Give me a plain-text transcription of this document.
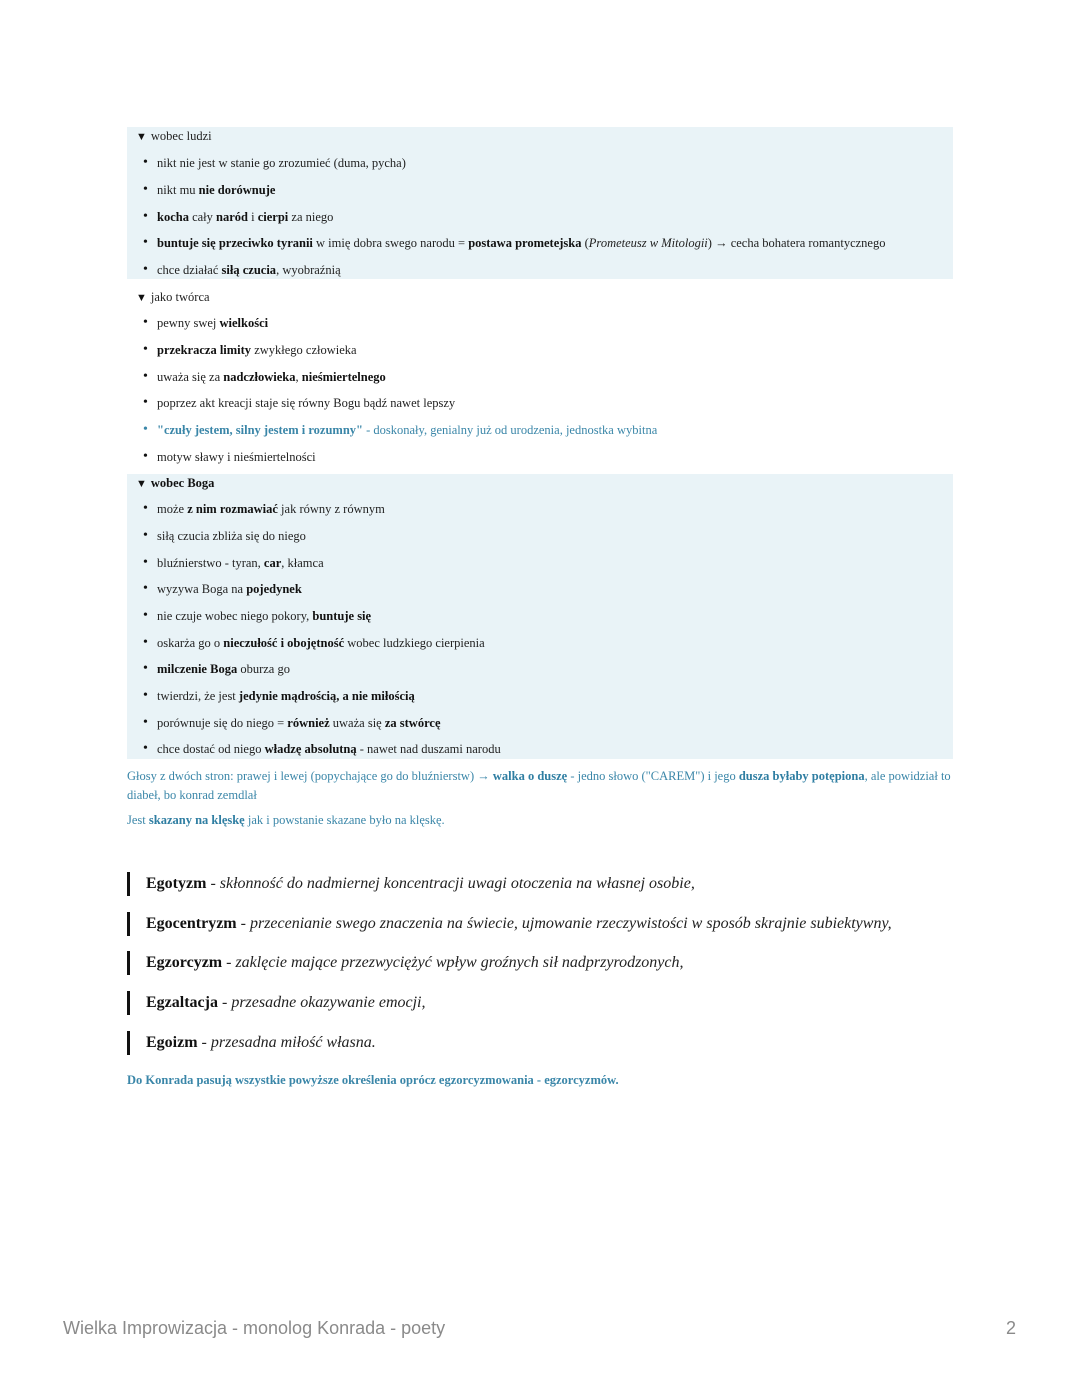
▼ wobec ludzi
• nikt nie jest w stanie go zrozumieć (duma, pycha)
• nikt mu nie dorównuje
• kocha cały naród i cierpi za niego
• buntuje się przeciwko tyranii w imię dobra swego narodu = postawa prometejska (Prometeusz w Mitologii) → cecha bohatera romantycznego
• chce działać siłą czucia, wyobraźnią
▼ jako twórca
• pewny swej wielkości
• przekracza limity zwykłego człowieka
• uważa się za nadczłowieka, nieśmiertelnego
• poprzez akt kreacji staje się równy Bogu bądź nawet lepszy
• "czuły jestem, silny jestem i rozumny" - doskonały, genialny już od urodzenia, jednostka wybitna
• motyw sławy i nieśmiertelności
▼ wobec Boga
• może z nim rozmawiać jak równy z równym
• siłą czucia zbliża się do niego
• bluźnierstwo - tyran, car, kłamca
• wyzywa Boga na pojedynek
• nie czuje wobec niego pokory, buntuje się
• oskarża go o nieczułość i obojętność wobec ludzkiego cierpienia
• milczenie Boga oburza go
• twierdzi, że jest jedynie mądrością, a nie miłością
• porównuje się do niego = również uważa się za stwórcę
• chce dostać od niego władzę absolutną - nawet nad duszami narodu
Głosy z dwóch stron: prawej i lewej (popychające go do bluźnierstw) → walka o duszę - jedno słowo ("CAREM") i jego dusza byłaby potępiona, ale powidział to diabeł, bo konrad zemdlał
Jest skazany na klęskę jak i powstanie skazane było na klęskę.
Egotyzm - skłonność do nadmiernej koncentracji uwagi otoczenia na własnej osobie,
Egocentryzm - przecenianie swego znaczenia na świecie, ujmowanie rzeczywistości w sposób skrajnie subiektywny,
Egzorcyzm - zaklęcie mające przezwyciężyć wpływ groźnych sił nadprzyrodzonych,
Egzaltacja - przesadne okazywanie emocji,
Egoizm - przesadna miłość własna.
Do Konrada pasują wszystkie powyższe określenia oprócz egzorcyzmowania - egzorcyzmów.
Wielka Improwizacja - monolog Konrada - poety	2
